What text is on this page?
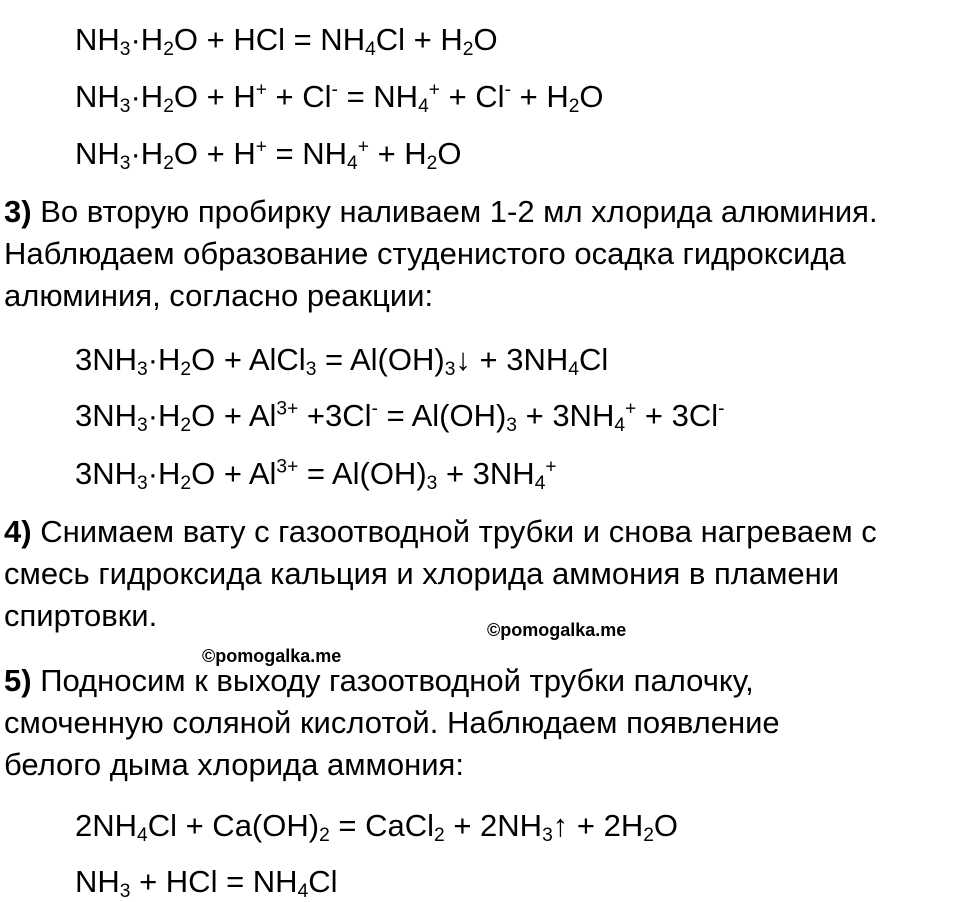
$NH_3\cdot H_2O$ + HCl = $NH_4Cl + H_2O$
$NH_3\cdot H_2O + H^+ + Cl^- = NH_4^+ + Cl^- + H_2O$
$NH_3\cdot H_2O + H^+ = NH_4^+ + H_2O$
3) Во вторую пробирку наливаем 1-2 мл хлорида алюминия.
Наблюдаем образование студенистого осадка гидроксида
алюминия, согласно реакции:
$3NH_3\cdot H_2O$ + AlCl$_3$ = $Al(OH)_3↓ + 3NH_4Cl$
$3NH_3\cdot H_2O + Al^{3+} +3Cl^- = Al(OH)_3 + 3NH_4^+ + 3Cl^-$
$3NH_3\cdot H_2O + Al^{3+} = Al(OH)_3 + 3NH_4^+$
4) Снимаем вату с газоотводной трубки и снова нагреваем с
смесь гидроксида кальция и хлорида аммония в пламени
спиртовки.	©pomogalka.me
©pomogalka.me
5) Подносим к выходу газоотводной трубки палочку,
смоченную соляной кислотой. Наблюдаем появление
белого дыма хлорида аммония:
$2NH_4Cl + Ca(OH)_2$ = CaCl$_2$ + $2NH_3↑ + 2H_2O$
$NH_3$ + HCl = $NH_4Cl$
